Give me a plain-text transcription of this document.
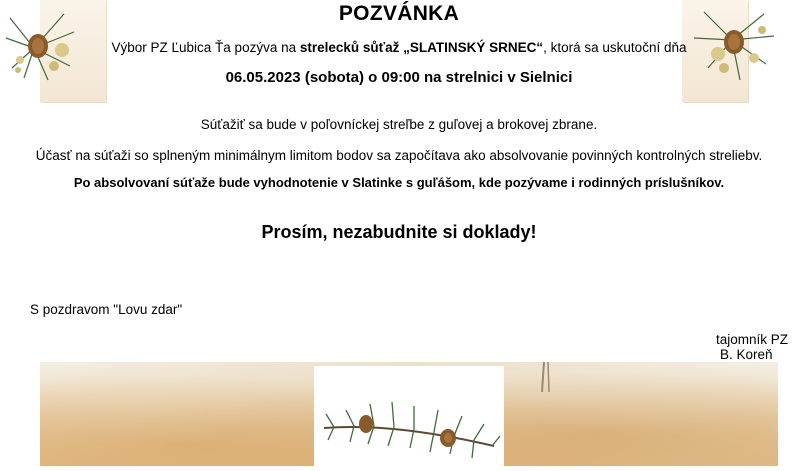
POZVÁNKA
Výbor PZ Ľubica Ťa pozýva na strelecků sůťaž „SLATINSKÝ SRNEC“, ktorá sa uskutoční dňa
06.05.2023 (sobota) o 09:00 na strelnici v Sielnici
Súťažiť sa bude v poľovníckej streľbe z guľovej a brokovej zbrane.
Účasť na súťaži so splneným minimálnym limitom bodov sa započítava ako absolvovanie povinných kontrolných streliebv.
Po absolvovaní súťaže bude vyhodnotenie v Slatinke s guľášom, kde pozývame i rodinných príslušníkov.
Prosím, nezabudnite si doklady!
S pozdravom "Lovu zdar"
tajomník PZ
B. Koreň
